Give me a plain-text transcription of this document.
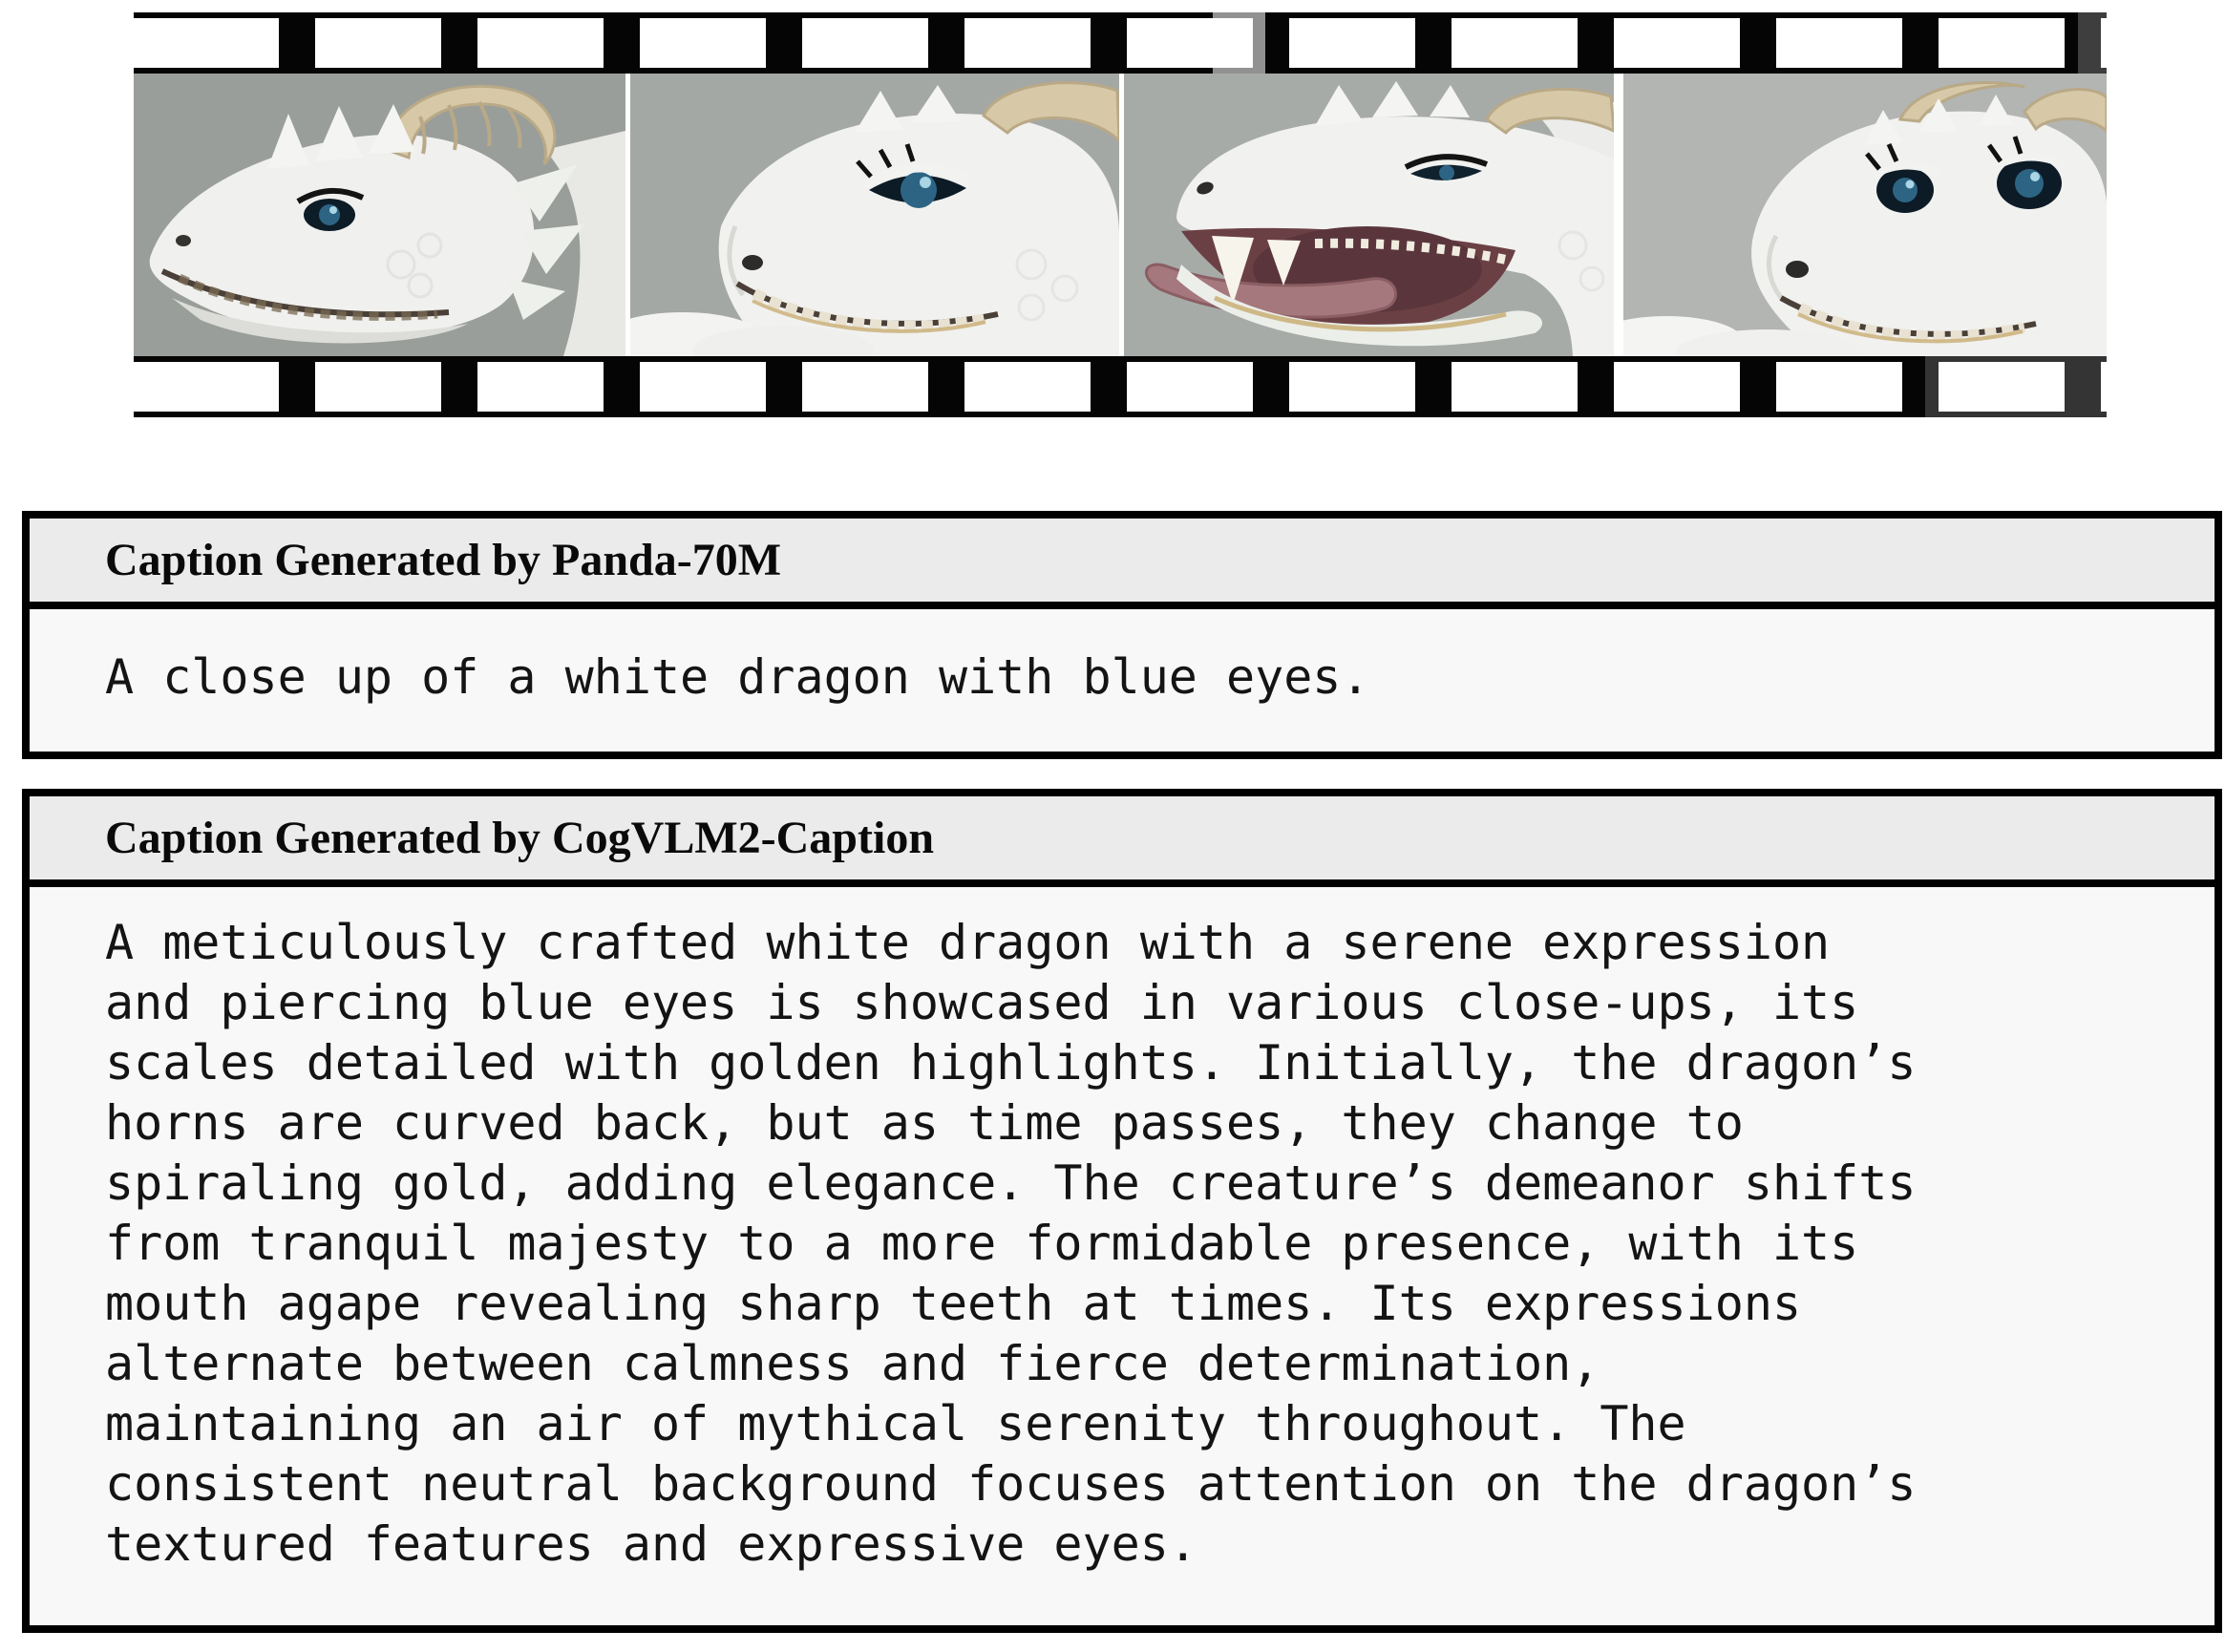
Caption Generated by Panda-70M
A close up of a white dragon with blue eyes.
Caption Generated by CogVLM2-Caption
A meticulously crafted white dragon with a serene expression
and piercing blue eyes is showcased in various close-ups, its
scales detailed with golden highlights. Initially, the dragon’s
horns are curved back, but as time passes, they change to
spiraling gold, adding elegance. The creature’s demeanor shifts
from tranquil majesty to a more formidable presence, with its
mouth agape revealing sharp teeth at times. Its expressions
alternate between calmness and fierce determination,
maintaining an air of mythical serenity throughout. The
consistent neutral background focuses attention on the dragon’s
textured features and expressive eyes.
